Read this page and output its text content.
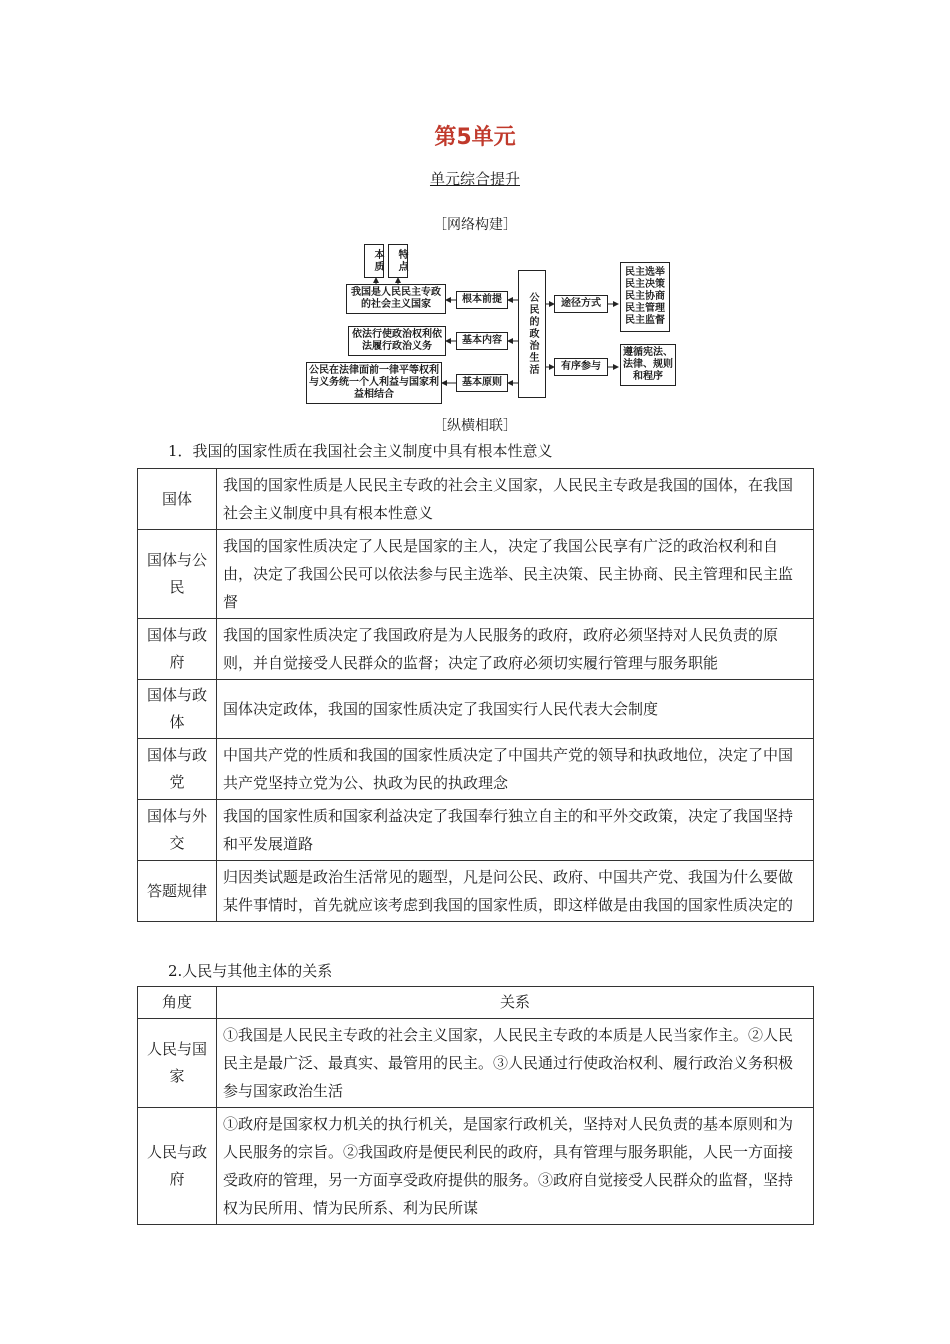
第5单元
单元综合提升
［网络构建］
本质	特点
我国是人民民主专政的社会主义国家	根本前提
依法行使政治权利依法履行政治义务
基本内容
公民在法律面前一律平等权利与义务统一个人利益与国家利益相结合
基本原则
公民的政治生活	途径方式
民主选举
民主决策
民主协商
民主管理
民主监督
有序参与
遵循宪法、法律、规则和程序
［纵横相联］
1．我国的国家性质在我国社会主义制度中具有根本性意义
国体	我国的国家性质是人民民主专政的社会主义国家，人民民主专政是我国的国体，在我国社会主义制度中具有根本性意义
国体与公民	我国的国家性质决定了人民是国家的主人，决定了我国公民享有广泛的政治权利和自由，决定了我国公民可以依法参与民主选举、民主决策、民主协商、民主管理和民主监督
国体与政府	我国的国家性质决定了我国政府是为人民服务的政府，政府必须坚持对人民负责的原则，并自觉接受人民群众的监督；决定了政府必须切实履行管理与服务职能
国体与政体	国体决定政体，我国的国家性质决定了我国实行人民代表大会制度
国体与政党	中国共产党的性质和我国的国家性质决定了中国共产党的领导和执政地位，决定了中国共产党坚持立党为公、执政为民的执政理念
国体与外交	我国的国家性质和国家利益决定了我国奉行独立自主的和平外交政策，决定了我国坚持和平发展道路
答题规律	归因类试题是政治生活常见的题型，凡是问公民、政府、中国共产党、我国为什么要做某件事情时，首先就应该考虑到我国的国家性质，即这样做是由我国的国家性质决定的
2.人民与其他主体的关系
角度	关系
人民与国家	①我国是人民民主专政的社会主义国家，人民民主专政的本质是人民当家作主。②人民民主是最广泛、最真实、最管用的民主。③人民通过行使政治权利、履行政治义务积极参与国家政治生活
人民与政府	①政府是国家权力机关的执行机关，是国家行政机关，坚持对人民负责的基本原则和为人民服务的宗旨。②我国政府是便民利民的政府，具有管理与服务职能，人民一方面接受政府的管理，另一方面享受政府提供的服务。③政府自觉接受人民群众的监督，坚持权为民所用、情为民所系、利为民所谋
